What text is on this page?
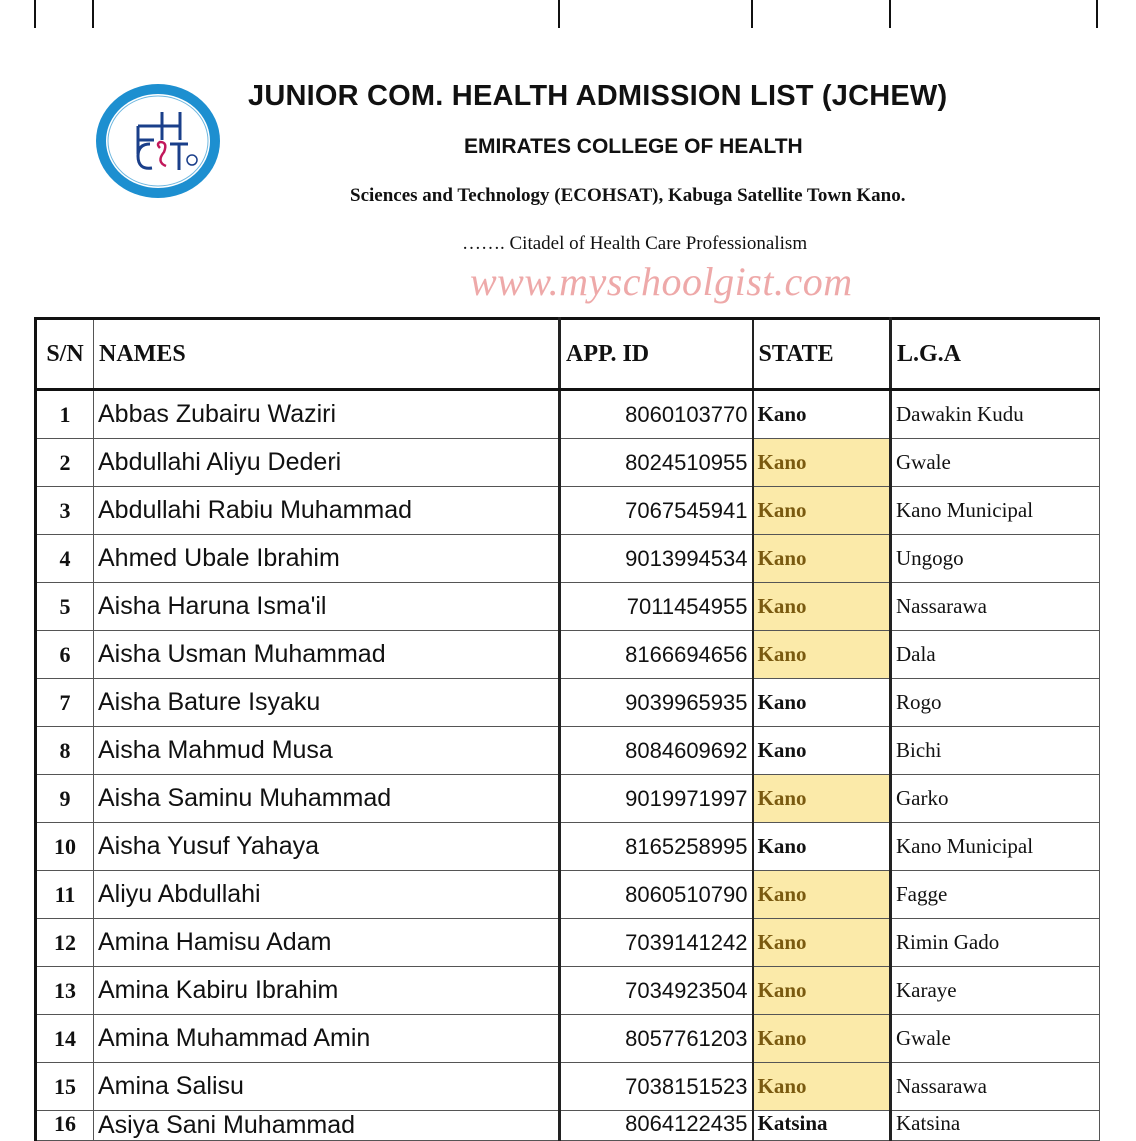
JUNIOR COM. HEALTH ADMISSION LIST (JCHEW)
EMIRATES COLLEGE OF HEALTH
Sciences and Technology (ECOHSAT), Kabuga Satellite Town Kano.
……. Citadel of Health Care Professionalism
www.myschoolgist.com
S/N	NAMES	APP. ID	STATE	L.G.A
1	Abbas Zubairu Waziri	8060103770	Kano	Dawakin Kudu
2	Abdullahi Aliyu Dederi	8024510955	Kano	Gwale
3	Abdullahi Rabiu Muhammad	7067545941	Kano	Kano Municipal
4	Ahmed Ubale Ibrahim	9013994534	Kano	Ungogo
5	Aisha Haruna Isma'il	7011454955	Kano	Nassarawa
6	Aisha Usman Muhammad	8166694656	Kano	Dala
7	Aisha Bature Isyaku	9039965935	Kano	Rogo
8	Aisha Mahmud Musa	8084609692	Kano	Bichi
9	Aisha Saminu Muhammad	9019971997	Kano	Garko
10	Aisha Yusuf Yahaya	8165258995	Kano	Kano Municipal
11	Aliyu Abdullahi	8060510790	Kano	Fagge
12	Amina Hamisu Adam	7039141242	Kano	Rimin Gado
13	Amina Kabiru Ibrahim	7034923504	Kano	Karaye
14	Amina Muhammad Amin	8057761203	Kano	Gwale
15	Amina Salisu	7038151523	Kano	Nassarawa
16	Asiya Sani Muhammad	8064122435	Katsina	Katsina
